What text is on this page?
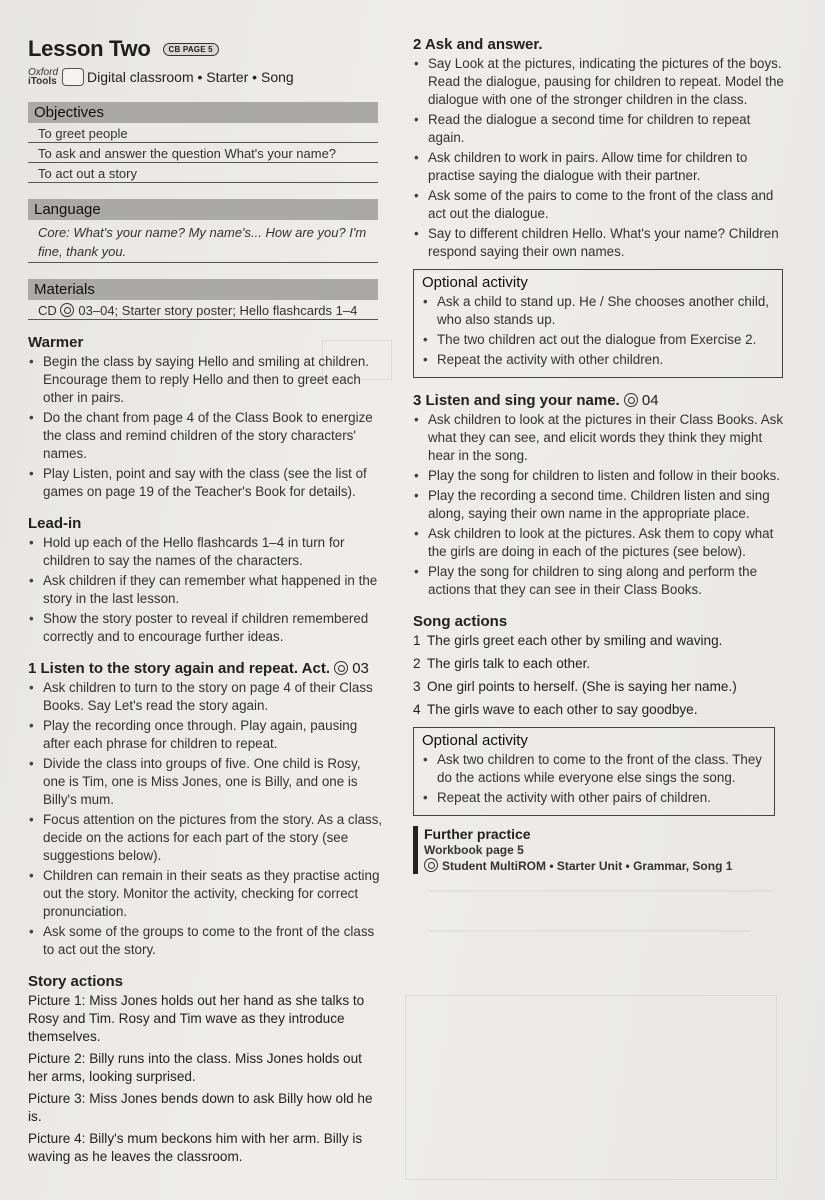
Lesson Two	CB PAGE 5
Oxford
iTools Digital classroom • Starter • Song
Objectives
To greet people
To ask and answer the question What's your name?
To act out a story
Language
Core: What's your name? My name's... How are you? I'm fine, thank you.
Materials
CD 03–04; Starter story poster; Hello flashcards 1–4
Warmer
• Begin the class by saying Hello and smiling at children. Encourage them to reply Hello and then to greet each other in pairs.
• Do the chant from page 4 of the Class Book to energize the class and remind children of the story characters' names.
• Play Listen, point and say with the class (see the list of games on page 19 of the Teacher's Book for details).
Lead-in
• Hold up each of the Hello flashcards 1–4 in turn for children to say the names of the characters.
• Ask children if they can remember what happened in the story in the last lesson.
• Show the story poster to reveal if children remembered correctly and to encourage further ideas.
1 Listen to the story again and repeat. Act. 03
• Ask children to turn to the story on page 4 of their Class Books. Say Let's read the story again.
• Play the recording once through. Play again, pausing after each phrase for children to repeat.
• Divide the class into groups of five. One child is Rosy, one is Tim, one is Miss Jones, one is Billy, and one is Billy's mum.
• Focus attention on the pictures from the story. As a class, decide on the actions for each part of the story (see suggestions below).
• Children can remain in their seats as they practise acting out the story. Monitor the activity, checking for correct pronunciation.
• Ask some of the groups to come to the front of the class to act out the story.
Story actions

Picture 1: Miss Jones holds out her hand as she talks to Rosy and Tim. Rosy and Tim wave as they introduce themselves.

Picture 2: Billy runs into the class. Miss Jones holds out her arms, looking surprised.

Picture 3: Miss Jones bends down to ask Billy how old he is.

Picture 4: Billy's mum beckons him with her arm. Billy is waving as he leaves the classroom.

2 Ask and answer.
• Say Look at the pictures, indicating the pictures of the boys. Read the dialogue, pausing for children to repeat. Model the dialogue with one of the stronger children in the class.
• Read the dialogue a second time for children to repeat again.
• Ask children to work in pairs. Allow time for children to practise saying the dialogue with their partner.
• Ask some of the pairs to come to the front of the class and act out the dialogue.
• Say to different children Hello. What's your name? Children respond saying their own names.
Optional activity
• Ask a child to stand up. He / She chooses another child, who also stands up.
• The two children act out the dialogue from Exercise 2.
• Repeat the activity with other children.
3 Listen and sing your name. 04
• Ask children to look at the pictures in their Class Books. Ask what they can see, and elicit words they think they might hear in the song.
• Play the song for children to listen and follow in their books.
• Play the recording a second time. Children listen and sing along, saying their own name in the appropriate place.
• Ask children to look at the pictures. Ask them to copy what the girls are doing in each of the pictures (see below).
• Play the song for children to sing along and perform the actions that they can see in their Class Books.
Song actions
1 The girls greet each other by smiling and waving.
2 The girls talk to each other.
3 One girl points to herself. (She is saying her name.)
4 The girls wave to each other to say goodbye.
Optional activity
• Ask two children to come to the front of the class. They do the actions while everyone else sings the song.
• Repeat the activity with other pairs of children.
Further practice
Workbook page 5
Student MultiROM • Starter Unit • Grammar, Song 1
